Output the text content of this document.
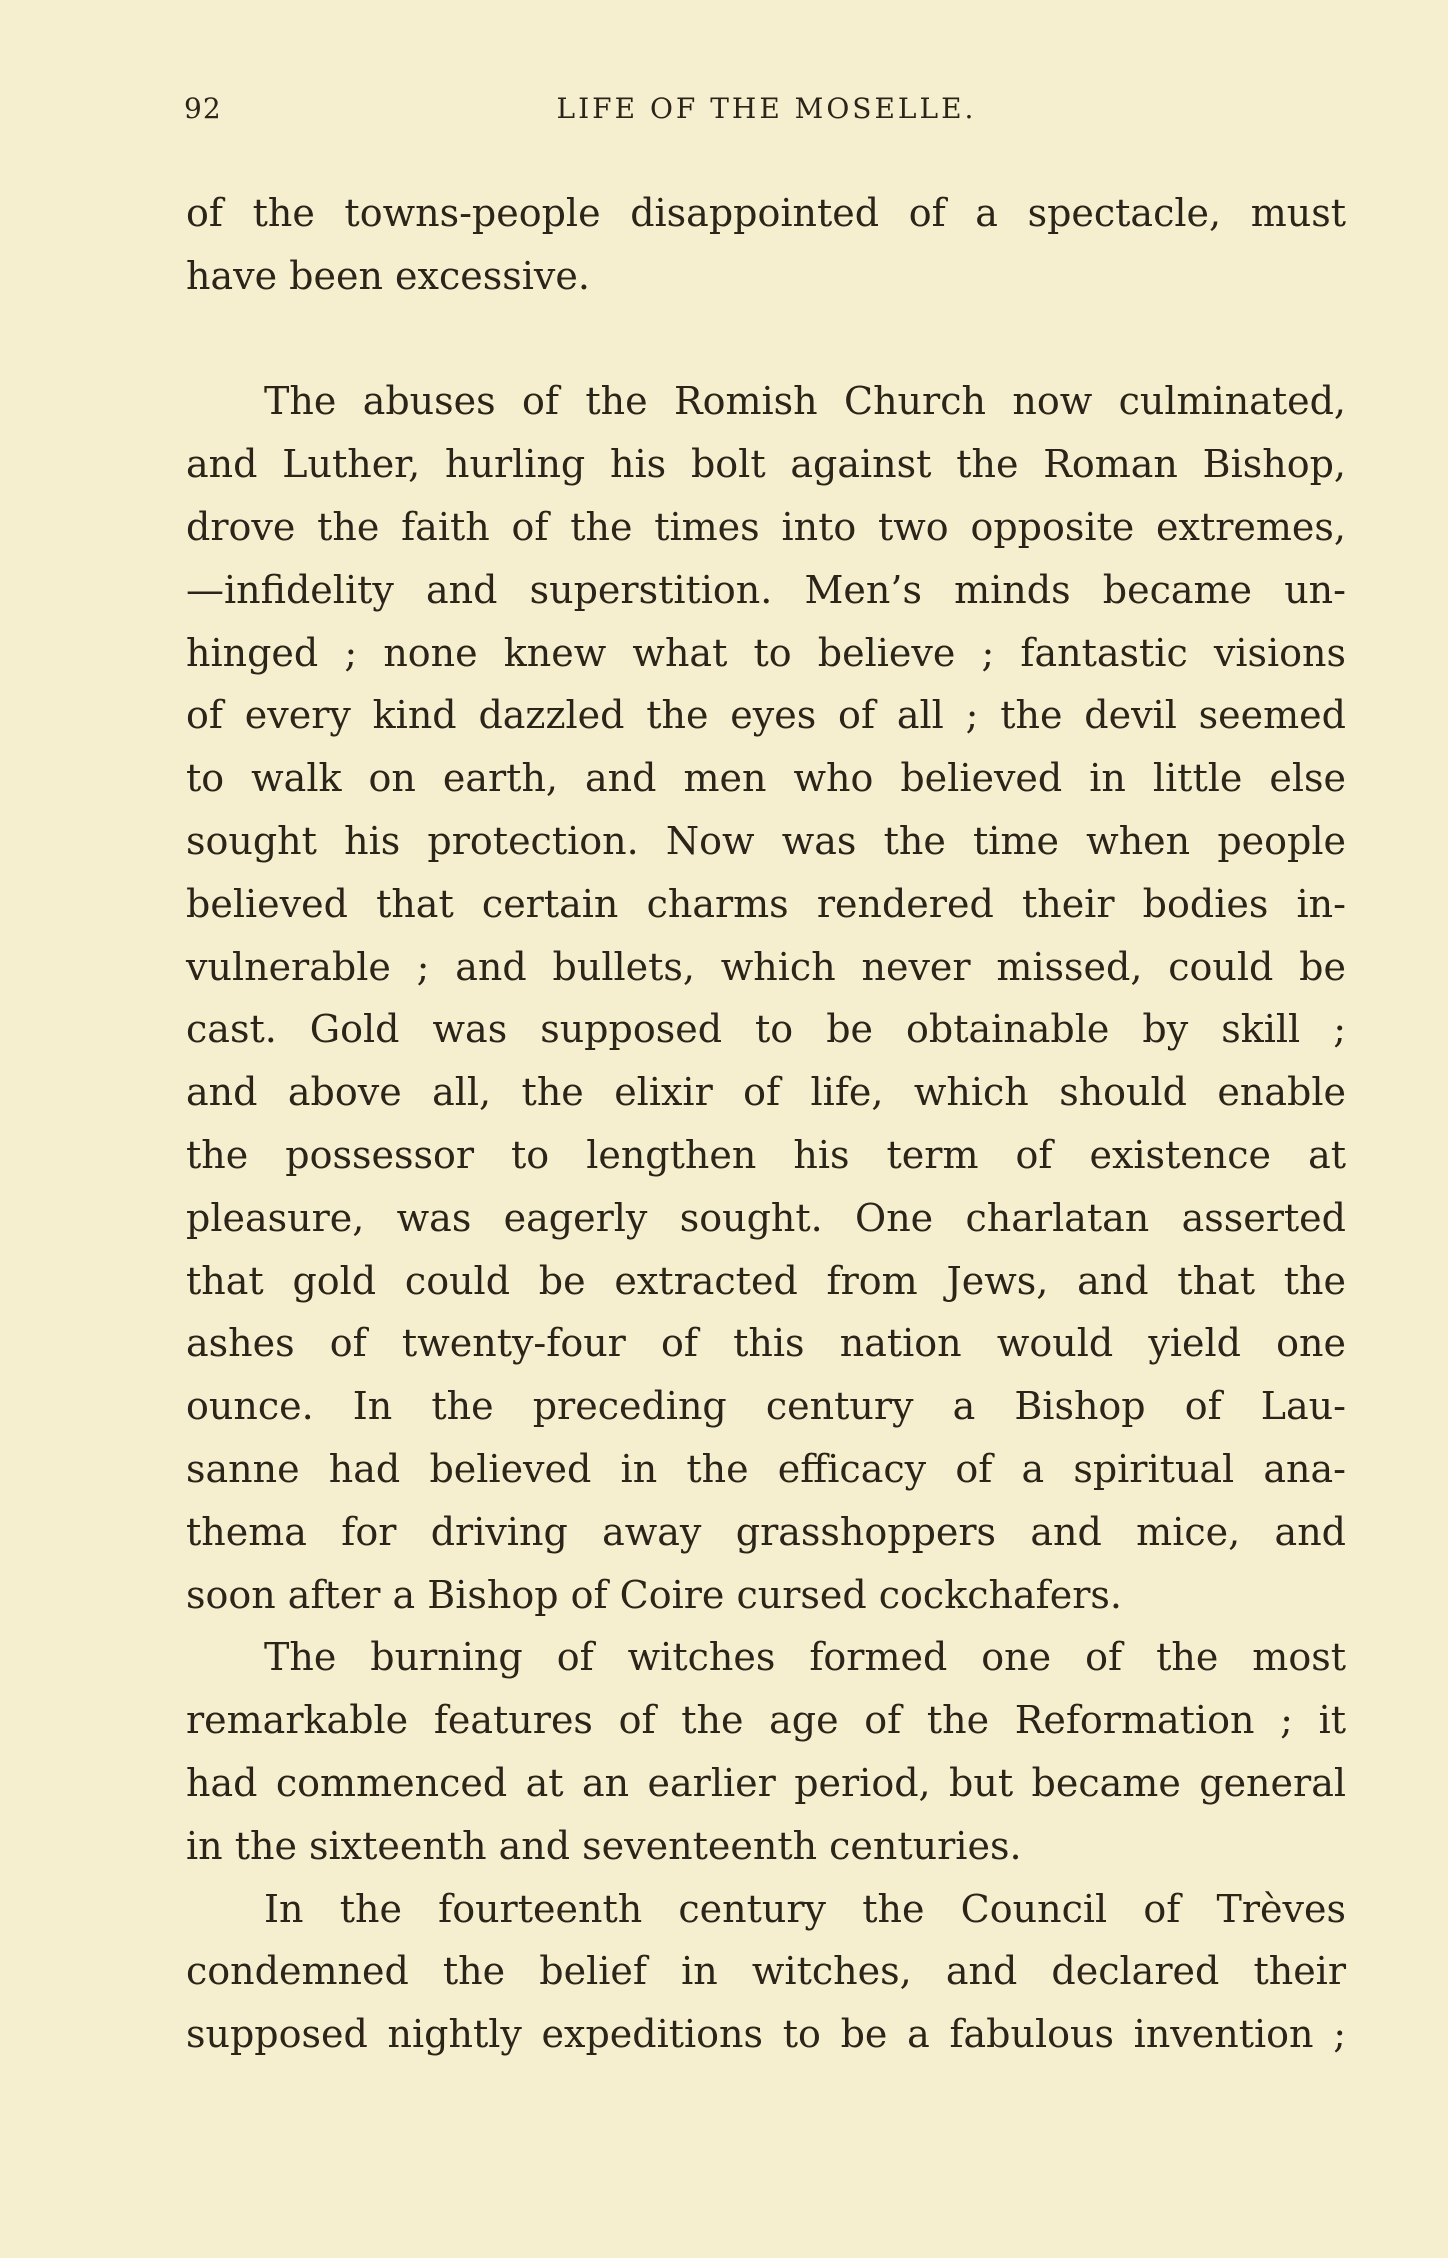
92	LIFE OF THE MOSELLE.
of the towns-people disappointed of a spectacle, must
have been excessive.
The abuses of the Romish Church now culminated,
and Luther, hurling his bolt against the Roman Bishop,
drove the faith of the times into two opposite extremes,
—infidelity and superstition. Men’s minds became un-
hinged ; none knew what to believe ; fantastic visions
of every kind dazzled the eyes of all ; the devil seemed
to walk on earth, and men who believed in little else
sought his protection. Now was the time when people
believed that certain charms rendered their bodies in-
vulnerable ; and bullets, which never missed, could be
cast. Gold was supposed to be obtainable by skill ;
and above all, the elixir of life, which should enable
the possessor to lengthen his term of existence at
pleasure, was eagerly sought. One charlatan asserted
that gold could be extracted from Jews, and that the
ashes of twenty-four of this nation would yield one
ounce. In the preceding century a Bishop of Lau-
sanne had believed in the efficacy of a spiritual ana-
thema for driving away grasshoppers and mice, and
soon after a Bishop of Coire cursed cockchafers.
The burning of witches formed one of the most
remarkable features of the age of the Reformation ; it
had commenced at an earlier period, but became general
in the sixteenth and seventeenth centuries.
In the fourteenth century the Council of Trèves
condemned the belief in witches, and declared their
supposed nightly expeditions to be a fabulous invention ;
